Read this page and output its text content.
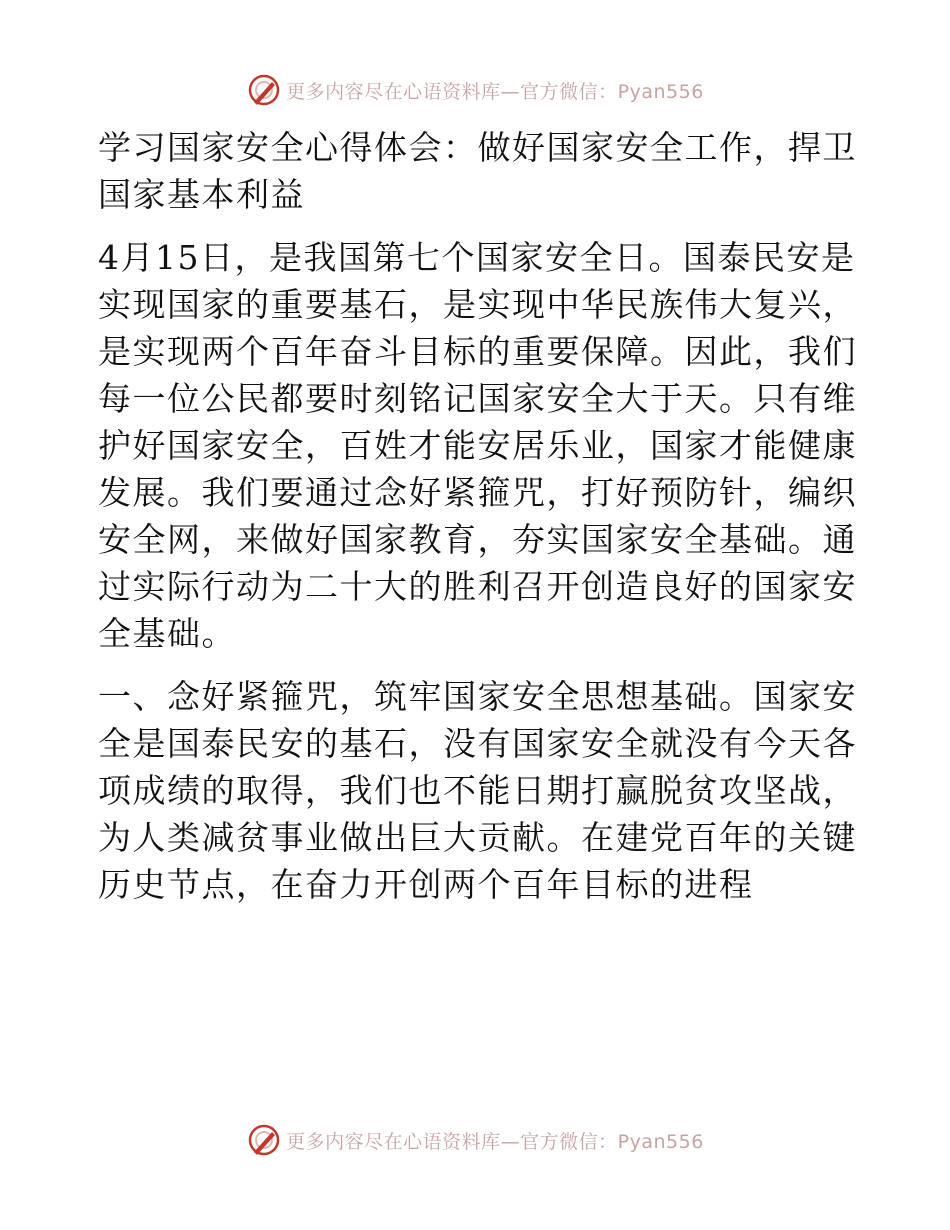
更多内容尽在心语资料库—官方微信：Pyan556

学习国家安全心得体会：做好国家安全工作，捍卫国家基本利益

4月15日，是我国第七个国家安全日。国泰民安是实现国家的重要基石，是实现中华民族伟大复兴，是实现两个百年奋斗目标的重要保障。因此，我们每一位公民都要时刻铭记国家安全大于天。只有维护好国家安全，百姓才能安居乐业，国家才能健康发展。我们要通过念好紧箍咒，打好预防针，编织安全网，来做好国家教育，夯实国家安全基础。通过实际行动为二十大的胜利召开创造良好的国家安全基础。

一、念好紧箍咒，筑牢国家安全思想基础。国家安全是国泰民安的基石，没有国家安全就没有今天各项成绩的取得，我们也不能日期打赢脱贫攻坚战，为人类减贫事业做出巨大贡献。在建党百年的关键历史节点，在奋力开创两个百年目标的进程

更多内容尽在心语资料库—官方微信：Pyan556
